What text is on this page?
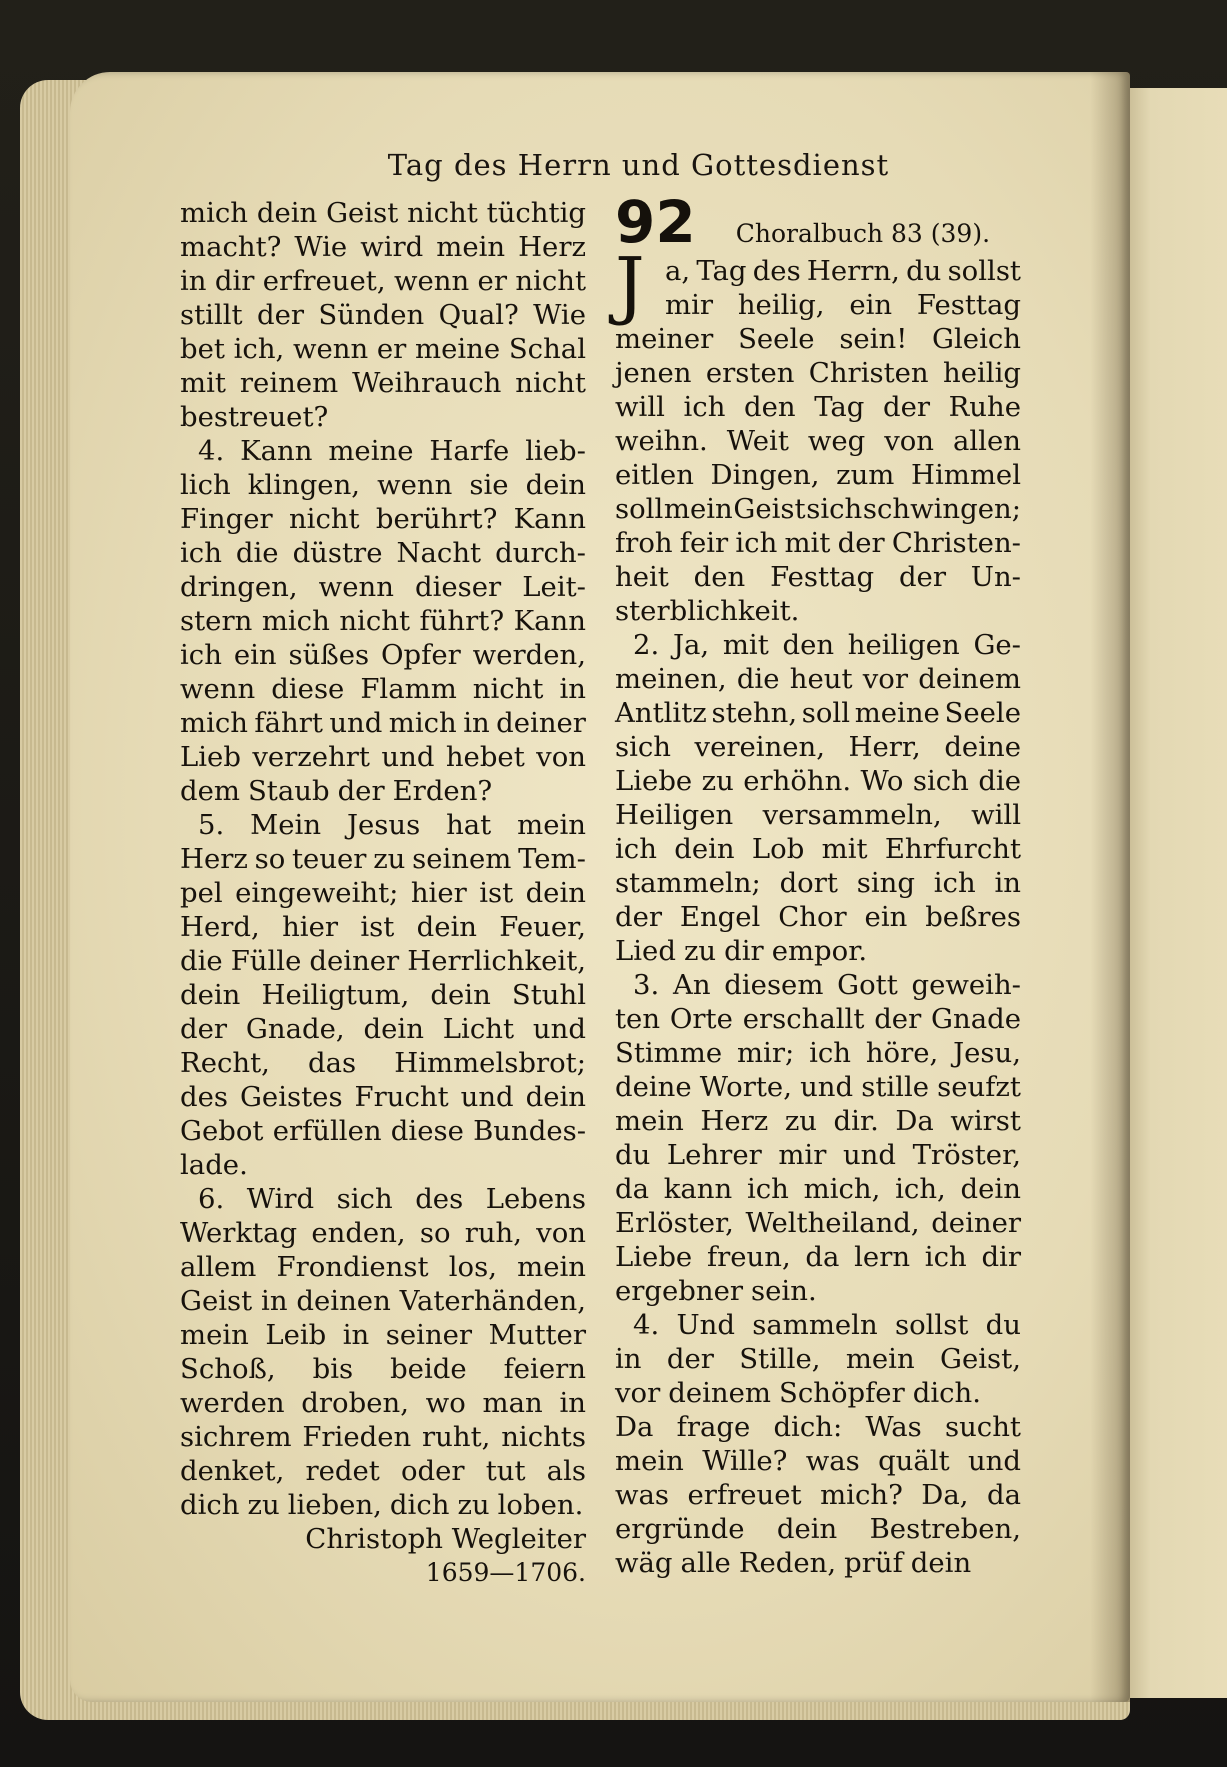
Tag des Herrn und Gottesdienst
mich dein Geist nicht tüchtig
macht? Wie wird mein Herz
in dir erfreuet, wenn er nicht
stillt der Sünden Qual? Wie
bet ich, wenn er meine Schal
mit reinem Weihrauch nicht
bestreuet?
4. Kann meine Harfe lieb-
lich klingen, wenn sie dein
Finger nicht berührt? Kann
ich die düstre Nacht durch-
dringen, wenn dieser Leit-
stern mich nicht führt? Kann
ich ein süßes Opfer werden,
wenn diese Flamm nicht in
mich fährt und mich in deiner
Lieb verzehrt und hebet von
dem Staub der Erden?
5. Mein Jesus hat mein
Herz so teuer zu seinem Tem-
pel eingeweiht; hier ist dein
Herd, hier ist dein Feuer,
die Fülle deiner Herrlichkeit,
dein Heiligtum, dein Stuhl
der Gnade, dein Licht und
Recht, das Himmelsbrot;
des Geistes Frucht und dein
Gebot erfüllen diese Bundes-
lade.
6. Wird sich des Lebens
Werktag enden, so ruh, von
allem Frondienst los, mein
Geist in deinen Vaterhänden,
mein Leib in seiner Mutter
Schoß, bis beide feiern
werden droben, wo man in
sichrem Frieden ruht, nichts
denket, redet oder tut als
dich zu lieben, dich zu loben.
Christoph Wegleiter
1659—1706.
92 Choralbuch 83 (39).
J a, Tag des Herrn, du sollst
mir heilig, ein Festtag
meiner Seele sein! Gleich
jenen ersten Christen heilig
will ich den Tag der Ruhe
weihn. Weit weg von allen
eitlen Dingen, zum Himmel
soll mein Geist sich schwingen;
froh feir ich mit der Christen-
heit den Festtag der Un-
sterblichkeit.
2. Ja, mit den heiligen Ge-
meinen, die heut vor deinem
Antlitz stehn, soll meine Seele
sich vereinen, Herr, deine
Liebe zu erhöhn. Wo sich die
Heiligen versammeln, will
ich dein Lob mit Ehrfurcht
stammeln; dort sing ich in
der Engel Chor ein beßres
Lied zu dir empor.
3. An diesem Gott geweih-
ten Orte erschallt der Gnade
Stimme mir; ich höre, Jesu,
deine Worte, und stille seufzt
mein Herz zu dir. Da wirst
du Lehrer mir und Tröster,
da kann ich mich, ich, dein
Erlöster, Weltheiland, deiner
Liebe freun, da lern ich dir
ergebner sein.
4. Und sammeln sollst du
in der Stille, mein Geist,
vor deinem Schöpfer dich.
Da frage dich: Was sucht
mein Wille? was quält und
was erfreuet mich? Da, da
ergründe dein Bestreben,
wäg alle Reden, prüf dein
